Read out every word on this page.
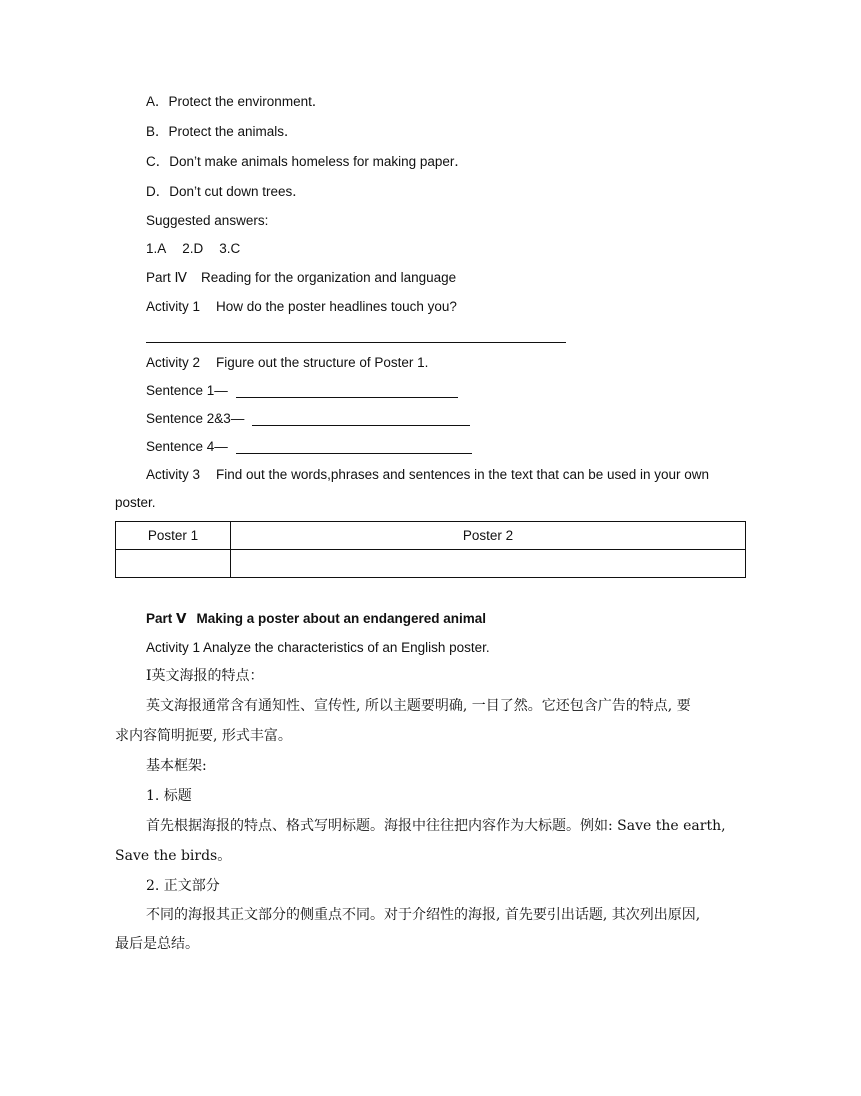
A．Protect the environment．
B．Protect the animals．
C．Don’t make animals homeless for making paper．
D．Don’t cut down trees．
Suggested answers:
1.A 2.D 3.C
Part Ⅳ Reading for the organization and language
Activity 1 How do the poster headlines touch you?
Activity 2 Figure out the structure of Poster 1.
Sentence 1—
Sentence 2&3—
Sentence 4—
Activity 3 Find out the words,phrases and sentences in the text that can be used in your own
poster.
Poster 1	Poster 2

Part Ⅴ Making a poster about an endangered animal
Activity 1 Analyze the characteristics of an English poster.
Ⅰ英文海报的特点：
英文海报通常含有通知性、宣传性, 所以主题要明确, 一目了然。它还包含广告的特点, 要
求内容简明扼要, 形式丰富。
基本框架:
1. 标题
首先根据海报的特点、格式写明标题。海报中往往把内容作为大标题。例如: Save the earth,
Save the birds。
2. 正文部分
不同的海报其正文部分的侧重点不同。对于介绍性的海报, 首先要引出话题, 其次列出原因,
最后是总结。
